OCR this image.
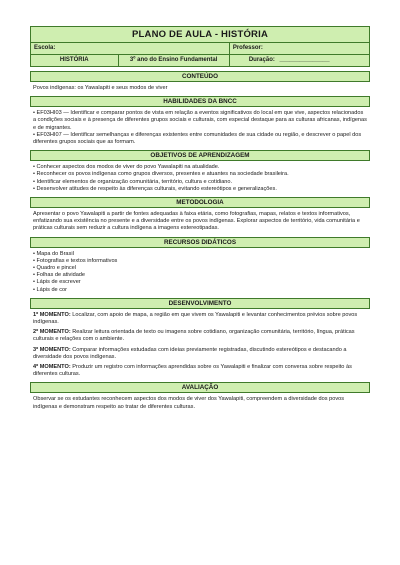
PLANO DE AULA - HISTÓRIA
Escola:	Professor:
HISTÓRIA	3º ano do Ensino Fundamental	Duração: _______________
CONTEÚDO

Povos indígenas: os Yawalapiti e seus modos de viver

HABILIDADES DA BNCC
• EF03HI03 — Identificar e comparar pontos de vista em relação a eventos significativos do local em que vive, aspectos relacionados a condições sociais e à presença de diferentes grupos sociais e culturais, com especial destaque para as culturas africanas, indígenas e de migrantes.
• EF03HI07 — Identificar semelhanças e diferenças existentes entre comunidades de sua cidade ou região, e descrever o papel dos diferentes grupos sociais que as formam.
OBJETIVOS DE APRENDIZAGEM
• Conhecer aspectos dos modos de viver do povo Yawalapiti na atualidade.
• Reconhecer os povos indígenas como grupos diversos, presentes e atuantes na sociedade brasileira.
• Identificar elementos de organização comunitária, território, cultura e cotidiano.
• Desenvolver atitudes de respeito às diferenças culturais, evitando estereótipos e generalizações.
METODOLOGIA

Apresentar o povo Yawalapiti a partir de fontes adequadas à faixa etária, como fotografias, mapas, relatos e textos informativos, enfatizando sua existência no presente e a diversidade entre os povos indígenas. Explorar aspectos de território, vida comunitária e práticas culturais sem reduzir a cultura indígena a imagens estereotipadas.

RECURSOS DIDÁTICOS
• Mapa do Brasil
• Fotografias e textos informativos
• Quadro e pincel
• Folhas de atividade
• Lápis de escrever
• Lápis de cor
DESENVOLVIMENTO

1º MOMENTO: Localizar, com apoio de mapa, a região em que vivem os Yawalapiti e levantar conhecimentos prévios sobre povos indígenas.

2º MOMENTO: Realizar leitura orientada de texto ou imagens sobre cotidiano, organização comunitária, território, língua, práticas culturais e relações com o ambiente.

3º MOMENTO: Comparar informações estudadas com ideias previamente registradas, discutindo estereótipos e destacando a diversidade dos povos indígenas.

4º MOMENTO: Produzir um registro com informações aprendidas sobre os Yawalapiti e finalizar com conversa sobre respeito às diferentes culturas.

AVALIAÇÃO

Observar se os estudantes reconhecem aspectos dos modos de viver dos Yawalapiti, compreendem a diversidade dos povos indígenas e demonstram respeito ao tratar de diferentes culturas.
